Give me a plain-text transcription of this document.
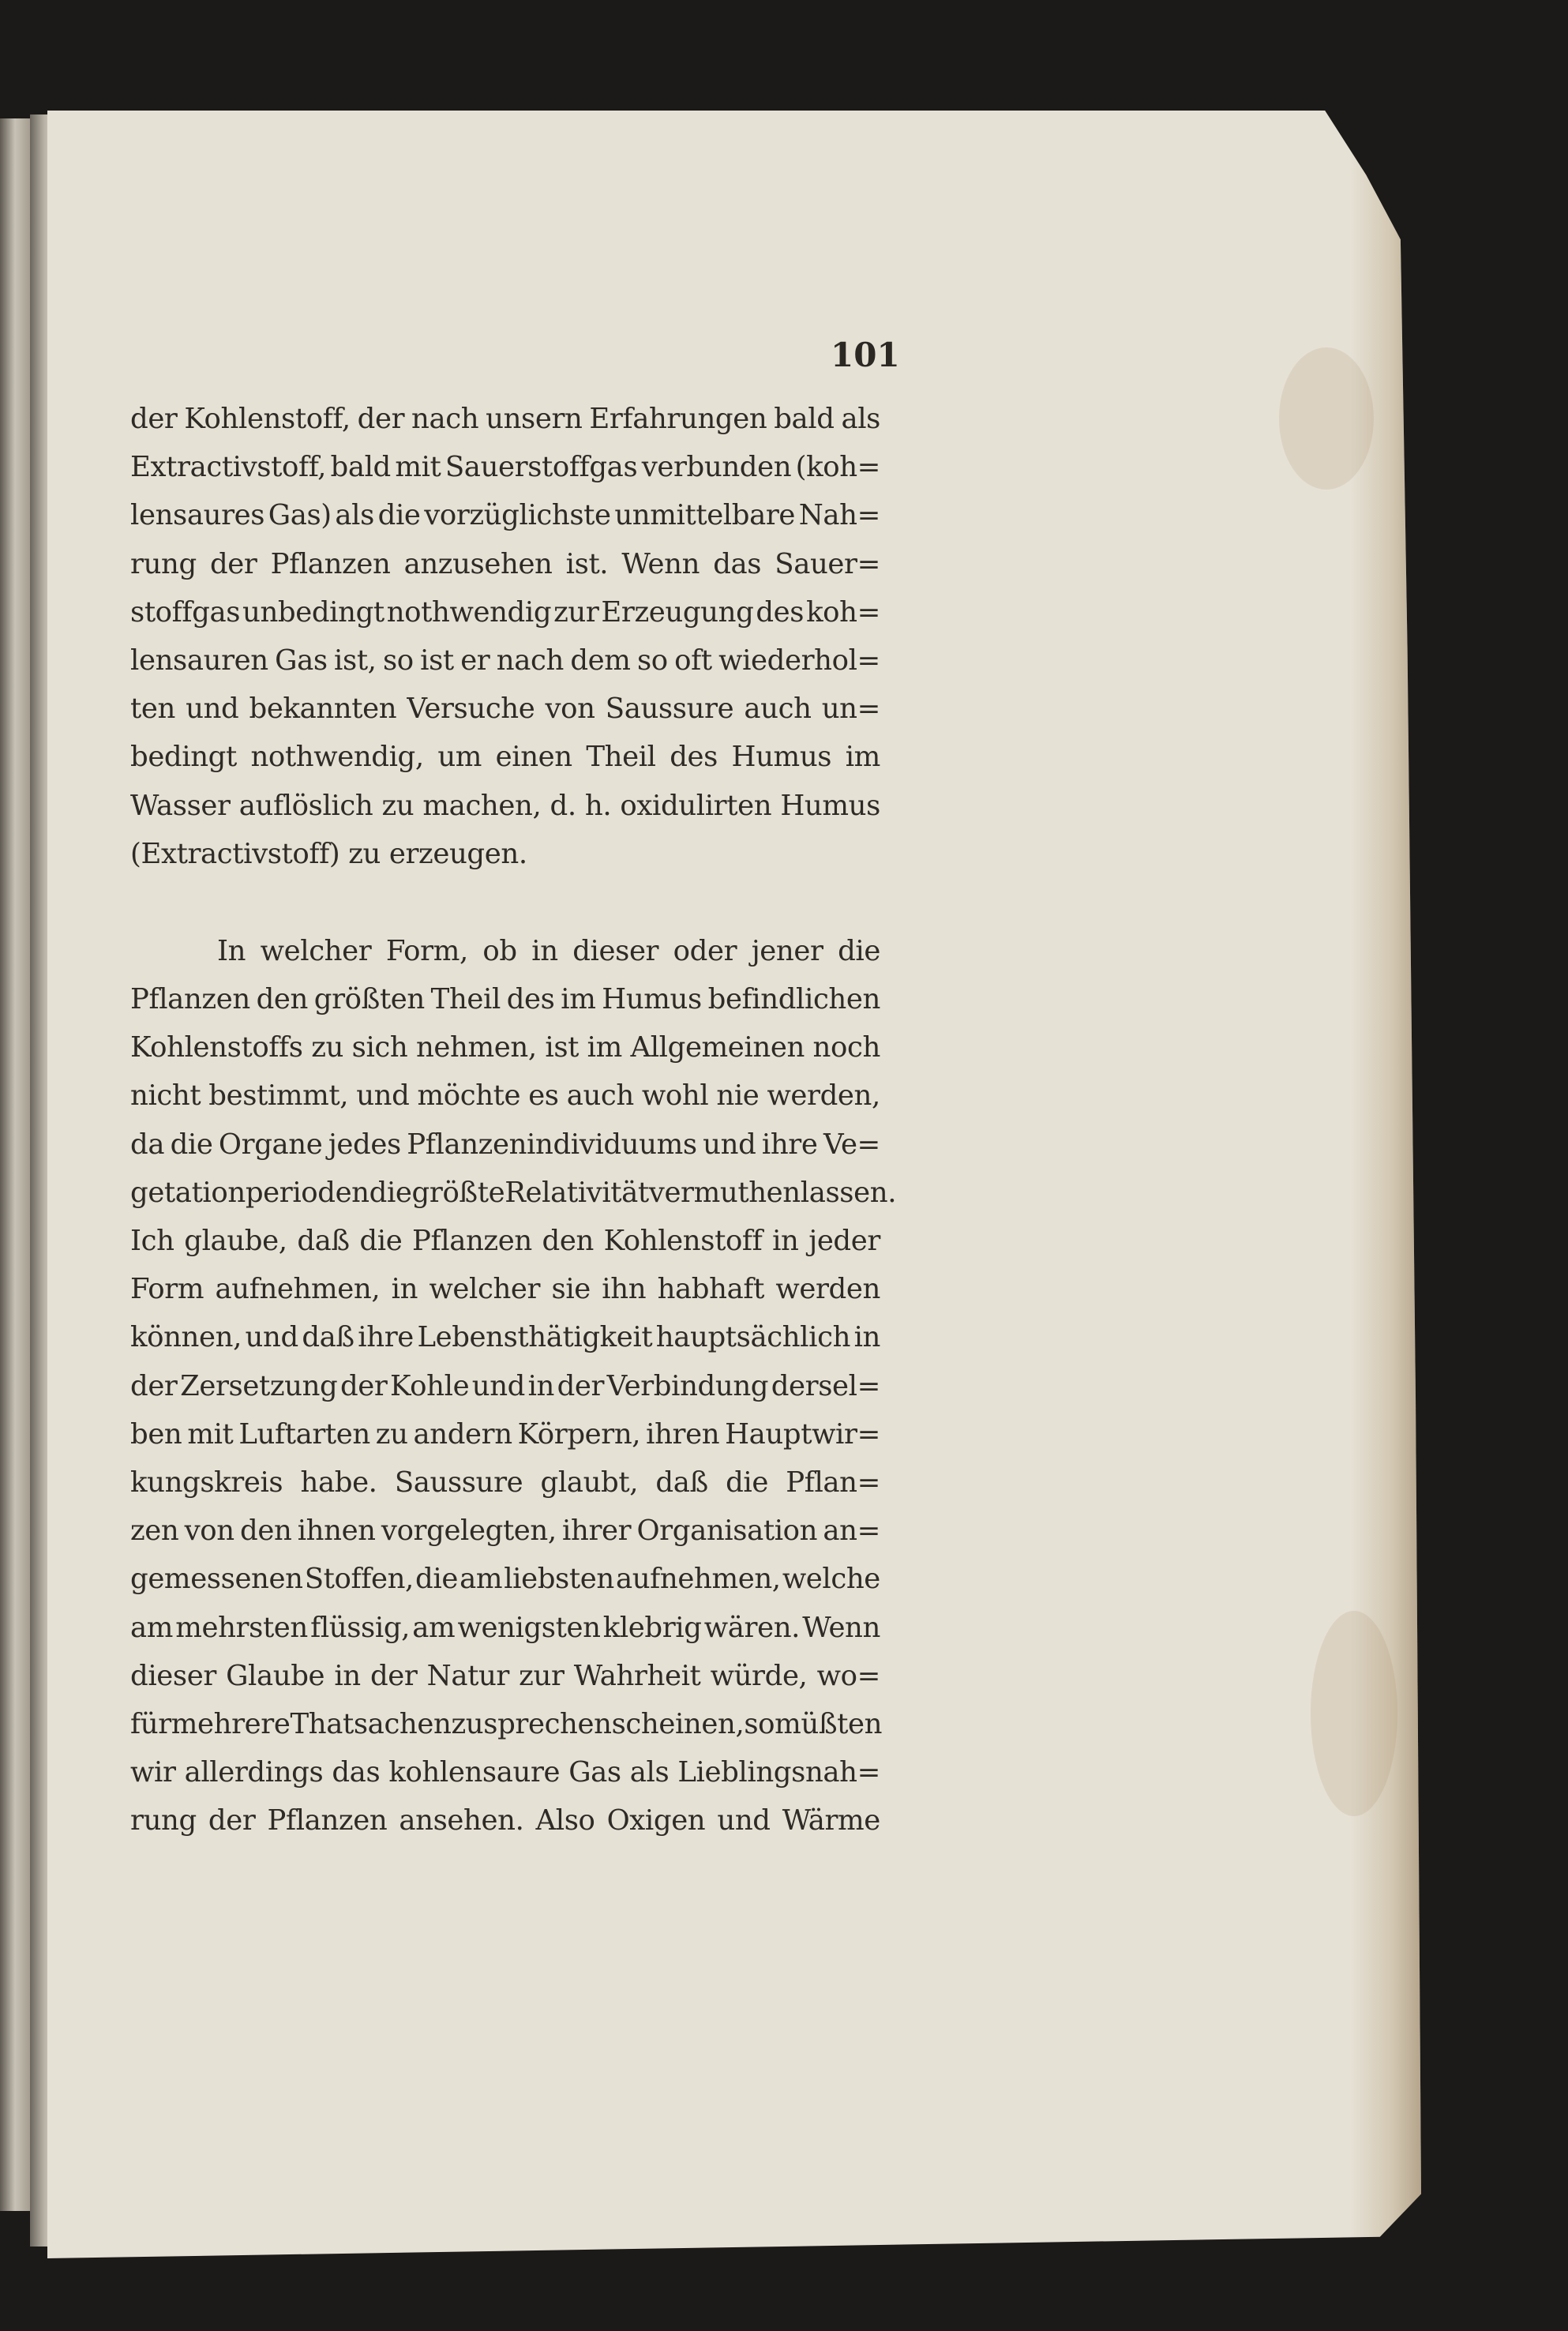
101
der Kohlenstoff, der nach unsern Erfahrungen bald als
Extractivstoff, bald mit Sauerstoffgas verbunden (koh=
lensaures Gas) als die vorzüglichste unmittelbare Nah=
rung der Pflanzen anzusehen ist. Wenn das Sauer=
stoffgas unbedingt nothwendig zur Erzeugung des koh=
lensauren Gas ist, so ist er nach dem so oft wiederhol=
ten und bekannten Versuche von Saussure auch un=
bedingt nothwendig, um einen Theil des Humus im
Wasser auflöslich zu machen, d. h. oxidulirten Humus
(Extractivstoff) zu erzeugen.
In welcher Form, ob in dieser oder jener die
Pflanzen den größten Theil des im Humus befindlichen
Kohlenstoffs zu sich nehmen, ist im Allgemeinen noch
nicht bestimmt, und möchte es auch wohl nie werden,
da die Organe jedes Pflanzenindividuums und ihre Ve=
getationperioden die größte Relativität vermuthen lassen.
Ich glaube, daß die Pflanzen den Kohlenstoff in jeder
Form aufnehmen, in welcher sie ihn habhaft werden
können, und daß ihre Lebensthätigkeit hauptsächlich in
der Zersetzung der Kohle und in der Verbindung dersel=
ben mit Luftarten zu andern Körpern, ihren Hauptwir=
kungskreis habe. Saussure glaubt, daß die Pflan=
zen von den ihnen vorgelegten, ihrer Organisation an=
gemessenen Stoffen, die am liebsten aufnehmen, welche
am mehrsten flüssig, am wenigsten klebrig wären. Wenn
dieser Glaube in der Natur zur Wahrheit würde, wo=
für mehrere Thatsachen zu sprechen scheinen, so müßten
wir allerdings das kohlensaure Gas als Lieblingsnah=
rung der Pflanzen ansehen. Also Oxigen und Wärme
